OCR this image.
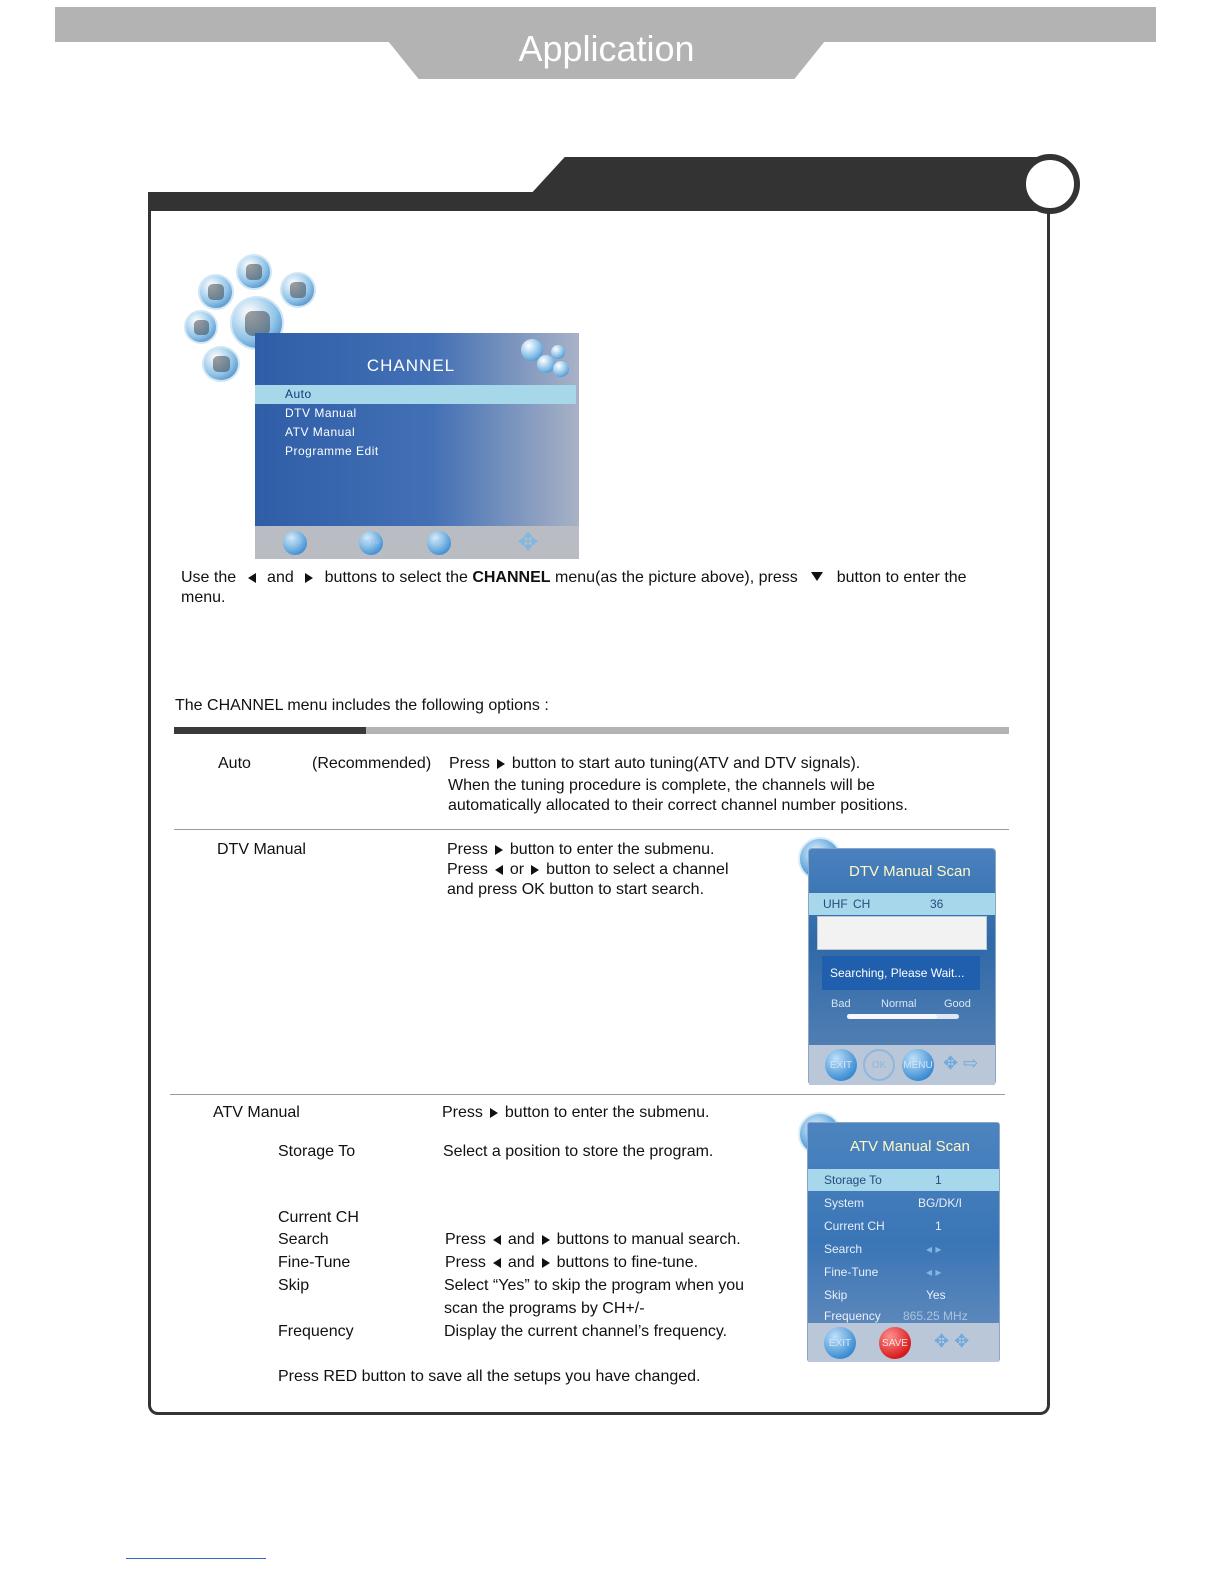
Application
CHANNEL
Auto
DTV Manual
ATV Manual
Programme Edit
EXIT	MENU	OK	✥
Use the and buttons to select the CHANNEL menu(as the picture above), press button to enter the
menu.
The CHANNEL menu includes the following options :
Auto	(Recommended) Press button to start auto tuning(ATV and DTV signals).
When the tuning procedure is complete, the channels will be
automatically allocated to their correct channel number positions.
DTV Manual	Press button to enter the submenu.
Press or button to select a channel
and press OK button to start search.
DTV Manual Scan
UHF CH	36
Searching, Please Wait...
Bad	Normal	Good
EXIT	OK	MENU ✥ ⇨
ATV Manual	Press button to enter the submenu.
Storage To	Select a position to store the program.
Current CH
Search	Press and buttons to manual search.
Fine-Tune	Press and buttons to fine-tune.
Skip	Select “Yes” to skip the program when you
scan the programs by CH+/-
Frequency	Display the current channel’s frequency.
Press RED button to save all the setups you have changed.
ATV Manual Scan
Storage To	1
System	BG/DK/I
Current CH	1
Search	◂ ▸
Fine-Tune	◂ ▸
Skip	Yes
Frequency 865.25 MHz
EXIT	SAVE ✥ ✥
